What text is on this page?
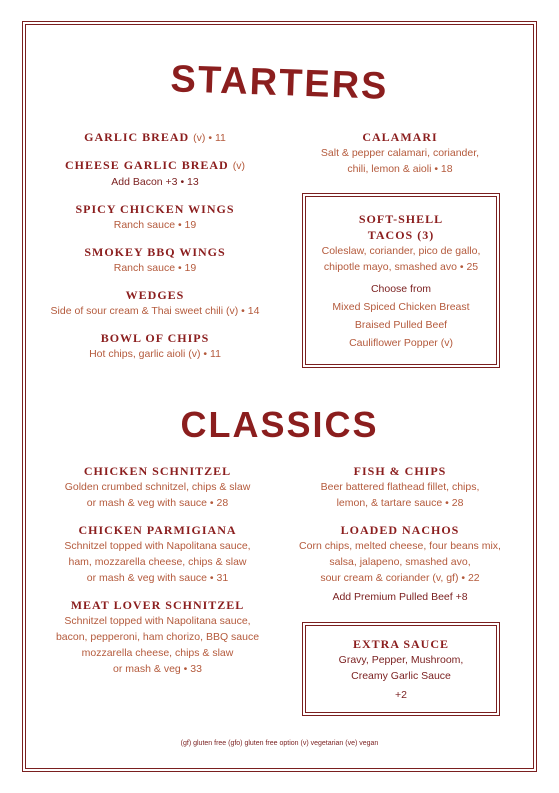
STARTERS
GARLIC BREAD (v) • 11
CHEESE GARLIC BREAD (v)
Add Bacon +3 • 13
SPICY CHICKEN WINGS
Ranch sauce • 19
SMOKEY BBQ WINGS
Ranch sauce • 19
WEDGES
Side of sour cream & Thai sweet chili (v) • 14
BOWL OF CHIPS
Hot chips, garlic aioli (v) • 11
CALAMARI
Salt & pepper calamari, coriander,
chili, lemon & aioli • 18
SOFT-SHELL
TACOS (3)
Coleslaw, coriander, pico de gallo,
chipotle mayo, smashed avo • 25
Choose from
Mixed Spiced Chicken Breast
Braised Pulled Beef
Cauliflower Popper (v)
CLASSICS
CHICKEN SCHNITZEL
Golden crumbed schnitzel, chips & slaw
or mash & veg with sauce • 28
CHICKEN PARMIGIANA
Schnitzel topped with Napolitana sauce,
ham, mozzarella cheese, chips & slaw
or mash & veg with sauce • 31
MEAT LOVER SCHNITZEL
Schnitzel topped with Napolitana sauce,
bacon, pepperoni, ham chorizo, BBQ sauce
mozzarella cheese, chips & slaw
or mash & veg • 33
FISH & CHIPS
Beer battered flathead fillet, chips,
lemon, & tartare sauce • 28
LOADED NACHOS
Corn chips, melted cheese, four beans mix,
salsa, jalapeno, smashed avo,
sour cream & coriander (v, gf) • 22
Add Premium Pulled Beef +8
EXTRA SAUCE
Gravy, Pepper, Mushroom,
Creamy Garlic Sauce
+2
(gf) gluten free (gfo) gluten free option (v) vegetarian (ve) vegan
